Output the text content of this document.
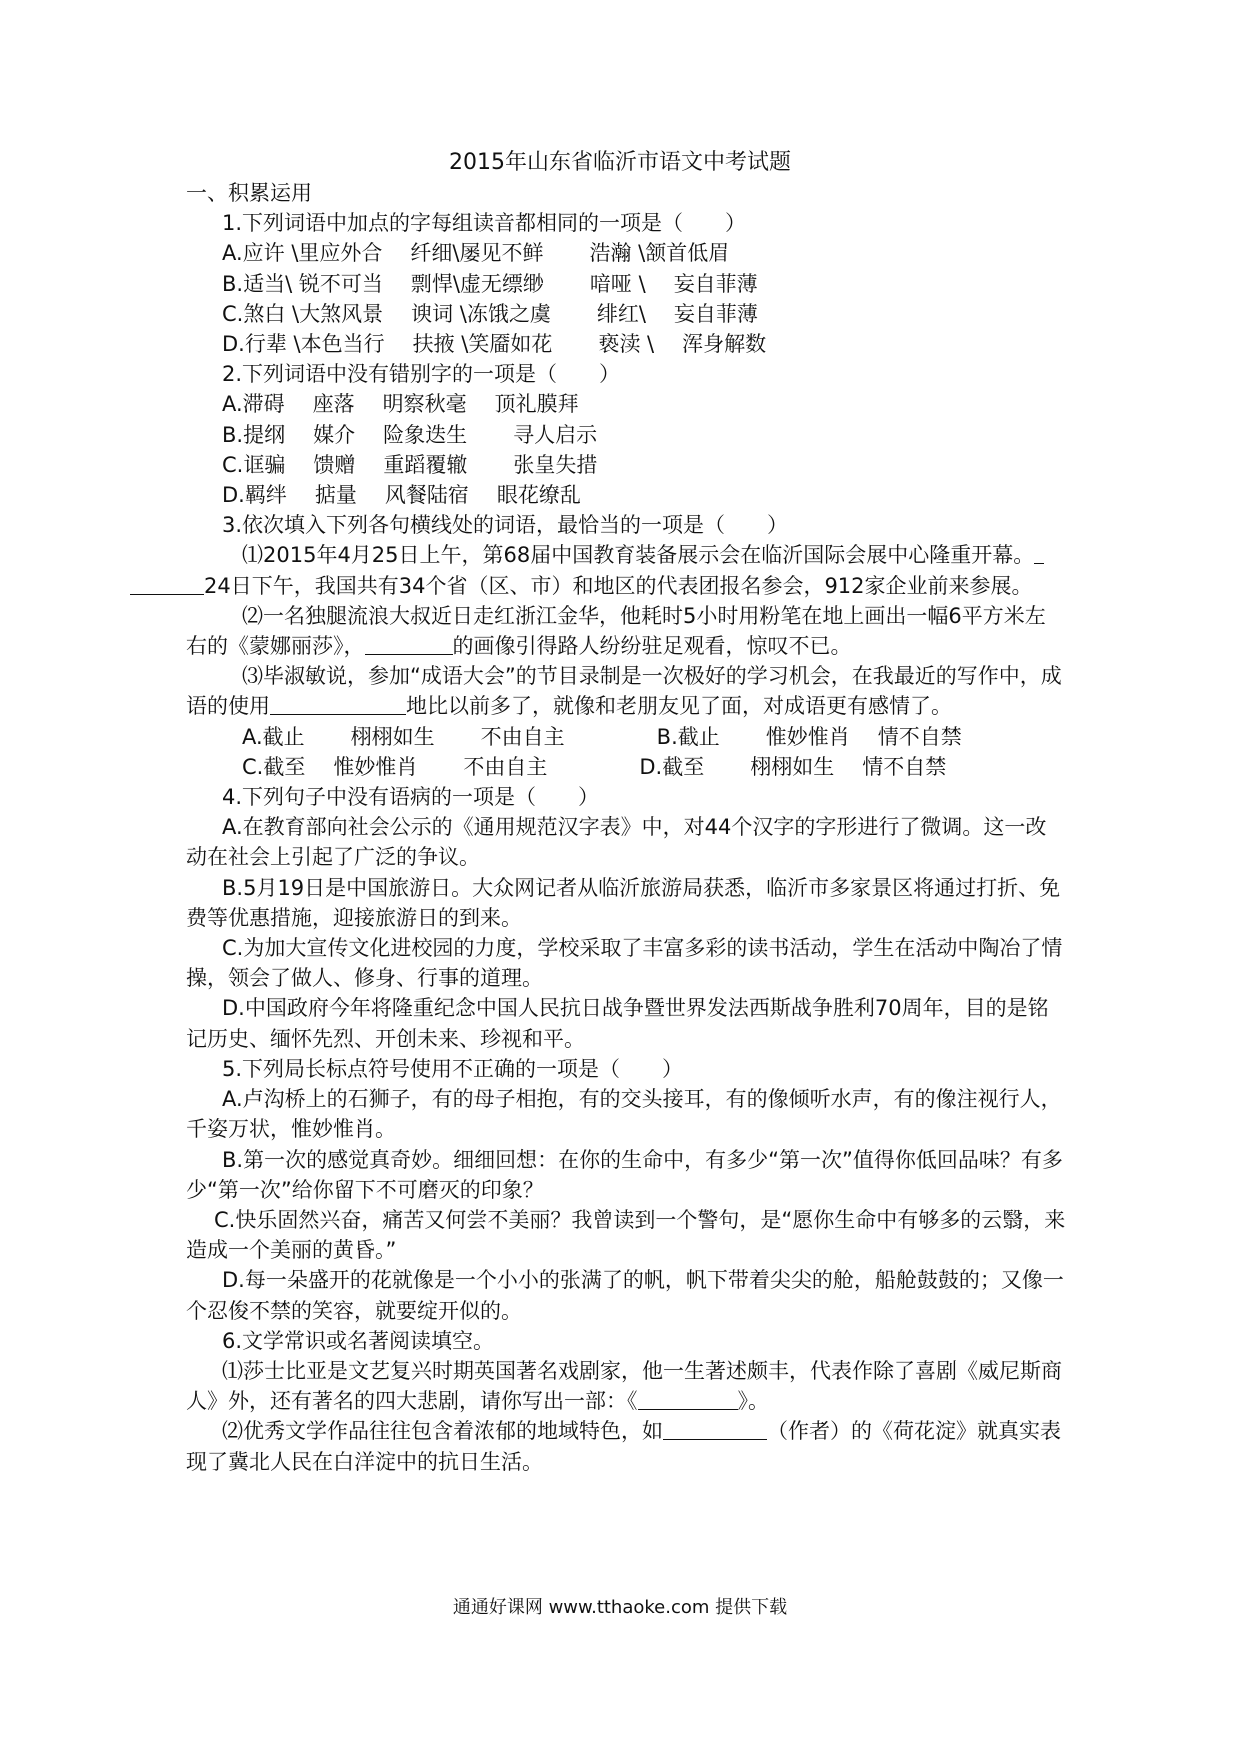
2015年山东省临沂市语文中考试题
一、积累运用
1.下列词语中加点的字每组读音都相同的一项是（　　）
A.应许 \里应外合 纤细\屡见不鲜 浩瀚 \颔首低眉
B.适当\ 锐不可当 剽悍\虚无缥缈 喑哑 \ 妄自菲薄
C.煞白 \大煞风景 谀词 \冻饿之虞 绯红\ 妄自菲薄
D.行辈 \本色当行 扶掖 \笑靥如花 亵渎 \ 浑身解数
2.下列词语中没有错别字的一项是（　　）
A.滞碍 座落 明察秋毫 顶礼膜拜
B.提纲 媒介 险象迭生 寻人启示
C.诓骗 馈赠 重蹈覆辙 张皇失措
D.羁绊 掂量 风餐陆宿 眼花缭乱
3.依次填入下列各句横线处的词语，最恰当的一项是（　　）
⑴2015年4月25日上午，第68届中国教育装备展示会在临沂国际会展中心隆重开幕。
24日下午，我国共有34个省（区、市）和地区的代表团报名参会，912家企业前来参展。
⑵一名独腿流浪大叔近日走红浙江金华，他耗时5小时用粉笔在地上画出一幅6平方米左右的《蒙娜丽莎》，	的画像引得路人纷纷驻足观看，惊叹不已。
⑶毕淑敏说，参加“成语大会”的节目录制是一次极好的学习机会，在我最近的写作中，成语的使用	地比以前多了，就像和老朋友见了面，对成语更有感情了。
A.截止 栩栩如生 不由自主	B.截止 惟妙惟肖 情不自禁
C.截至 惟妙惟肖 不由自主	D.截至 栩栩如生 情不自禁
4.下列句子中没有语病的一项是（　　）
A.在教育部向社会公示的《通用规范汉字表》中，对44个汉字的字形进行了微调。这一改动在社会上引起了广泛的争议。
B.5月19日是中国旅游日。大众网记者从临沂旅游局获悉，临沂市多家景区将通过打折、免费等优惠措施，迎接旅游日的到来。
C.为加大宣传文化进校园的力度，学校采取了丰富多彩的读书活动，学生在活动中陶冶了情操，领会了做人、修身、行事的道理。
D.中国政府今年将隆重纪念中国人民抗日战争暨世界发法西斯战争胜利70周年，目的是铭记历史、缅怀先烈、开创未来、珍视和平。
5.下列局长标点符号使用不正确的一项是（　　）
A.卢沟桥上的石狮子，有的母子相抱，有的交头接耳，有的像倾听水声，有的像注视行人，千姿万状，惟妙惟肖。
B.第一次的感觉真奇妙。细细回想：在你的生命中，有多少“第一次”值得你低回品味？有多少“第一次”给你留下不可磨灭的印象？
C.快乐固然兴奋，痛苦又何尝不美丽？我曾读到一个警句，是“愿你生命中有够多的云翳，来造成一个美丽的黄昏。”
D.每一朵盛开的花就像是一个小小的张满了的帆，帆下带着尖尖的舱，船舱鼓鼓的；又像一个忍俊不禁的笑容，就要绽开似的。
6.文学常识或名著阅读填空。
⑴莎士比亚是文艺复兴时期英国著名戏剧家，他一生著述颇丰，代表作除了喜剧《威尼斯商人》外，还有著名的四大悲剧，请你写出一部：《	》。
⑵优秀文学作品往往包含着浓郁的地域特色，如	（作者）的《荷花淀》就真实表现了冀北人民在白洋淀中的抗日生活。
通通好课网 www.tthaoke.com 提供下载
